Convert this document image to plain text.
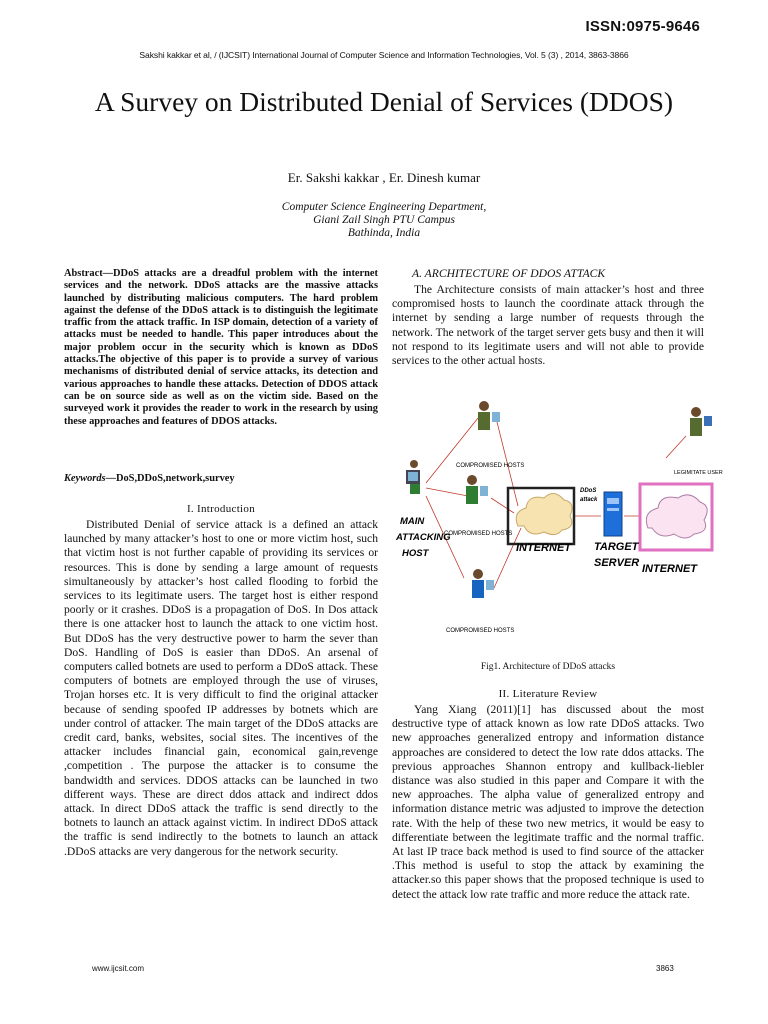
ISSN:0975-9646
Sakshi kakkar et al, / (IJCSIT) International Journal of Computer Science and Information Technologies, Vol. 5 (3) , 2014, 3863-3866
A Survey on Distributed Denial of Services (DDOS)
Er. Sakshi kakkar , Er. Dinesh kumar
Computer Science Engineering Department,
Giani Zail Singh PTU Campus
Bathinda, India

Abstract—DDoS attacks are a dreadful problem with the internet services and the network. DDoS attacks are the massive attacks launched by distributing malicious computers. The hard problem against the defense of the DDoS attack is to distinguish the legitimate traffic from the attack traffic. In ISP domain, detection of a variety of attacks must be needed to handle. This paper introduces about the major problem occur in the security which is known as DDoS attacks.The objective of this paper is to provide a survey of various mechanisms of distributed denial of service attacks, its detection and various approaches to handle these attacks. Detection of DDOS attack can be on source side as well as on the victim side. Based on the surveyed work it provides the reader to work in the research by using these approaches and features of DDOS attacks.

Keywords—DoS,DDoS,network,survey

I. Introduction

Distributed Denial of service attack is a defined an attack launched by many attacker’s host to one or more victim host, such that victim host is not further capable of providing its services or resources. This is done by sending a large amount of requests simultaneously by attacker’s host called flooding to forbid the services to its legitimate users. The target host is either respond poorly or it crashes. DDoS is a propagation of DoS. In Dos attack there is one attacker host to launch the attack to one victim host. But DDoS has the very destructive power to harm the sever than DoS. Handling of DoS is easier than DDoS. An arsenal of computers called botnets are used to perform a DDoS attack. These computers of botnets are employed through the use of viruses, Trojan horses etc. It is very difficult to find the original attacker because of sending spoofed IP addresses by botnets which are under control of attacker. The main target of the DDoS attacks are credit card, banks, websites, social sites. The incentives of the attacker includes financial gain, economical gain,revenge ,competition . The purpose the attacker is to consume the bandwidth and services. DDOS attacks can be launched in two different ways. These are direct ddos attack and indirect ddos attack. In direct DDoS attack the traffic is send directly to the botnets to launch an attack against victim. In indirect DDoS attack the traffic is send indirectly to the botnets to launch an attack .DDoS attacks are very dangerous for the network security.

A. ARCHITECTURE OF DDOS ATTACK

The Architecture consists of main attacker’s host and three compromised hosts to launch the coordinate attack through the internet by sending a large number of requests through the network. The network of the target server gets busy and then it will not respond to its legitimate users and will not able to provide services to the other actual hosts.

MAIN
ATTACKING
HOST
COMPROMISED HOSTS
COMPROMISED HOSTS
COMPROMISED HOSTS
INTERNET
DDoS
attack
TARGET
SERVER INTERNET
LEGIMITATE USER
Fig1. Architecture of DDoS attacks
II. Literature Review

Yang Xiang (2011)[1] has discussed about the most destructive type of attack known as low rate DDoS attacks. Two new approaches generalized entropy and information distance approaches are considered to detect the low rate ddos attacks. The previous approaches Shannon entropy and kullback-liebler distance was also studied in this paper and Compare it with the new approaches. The alpha value of generalized entropy and information distance metric was adjusted to improve the detection rate. With the help of these two new metrics, it would be easy to differentiate between the legitimate traffic and the normal traffic. At last IP trace back method is used to find source of the attacker .This method is useful to stop the attack by examining the attacker.so this paper shows that the proposed technique is used to detect the attack low rate traffic and more reduce the attack rate.

www.ijcsit.com	3863
